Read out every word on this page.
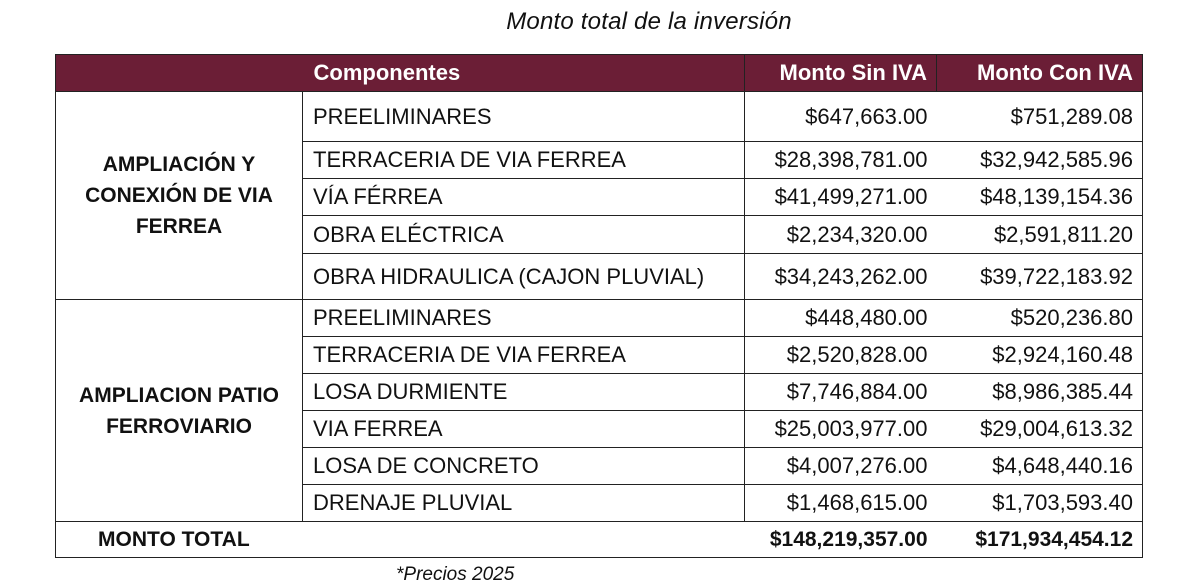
Monto total de la inversión
	Componentes	Monto Sin IVA	Monto Con IVA
AMPLIACIÓN Y CONEXIÓN DE VIA FERREA	PREELIMINARES	$647,663.00	$751,289.08
	TERRACERIA DE VIA FERREA	$28,398,781.00	$32,942,585.96
	VÍA FÉRREA	$41,499,271.00	$48,139,154.36
	OBRA ELÉCTRICA	$2,234,320.00	$2,591,811.20
	OBRA HIDRAULICA (CAJON PLUVIAL)	$34,243,262.00	$39,722,183.92
AMPLIACION PATIO FERROVIARIO	PREELIMINARES	$448,480.00	$520,236.80
	TERRACERIA DE VIA FERREA	$2,520,828.00	$2,924,160.48
	LOSA DURMIENTE	$7,746,884.00	$8,986,385.44
	VIA FERREA	$25,003,977.00	$29,004,613.32
	LOSA DE CONCRETO	$4,007,276.00	$4,648,440.16
	DRENAJE PLUVIAL	$1,468,615.00	$1,703,593.40
MONTO TOTAL		$148,219,357.00	$171,934,454.12
*Precios 2025
